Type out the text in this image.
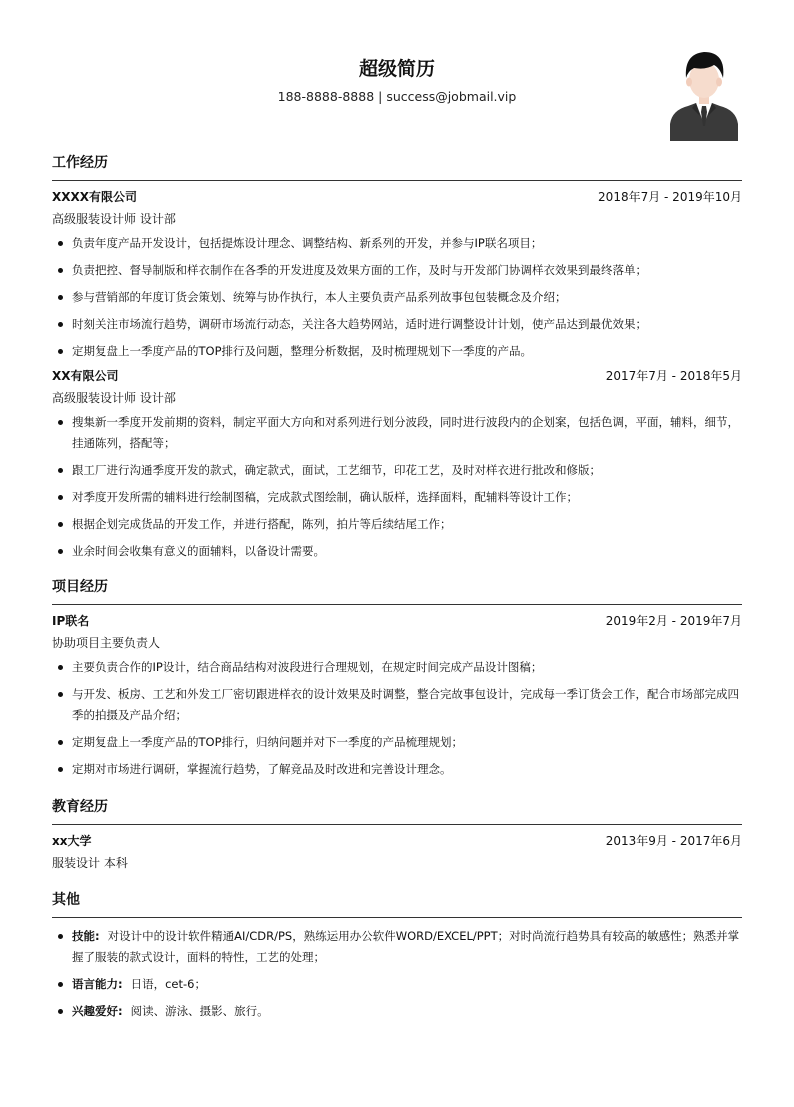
超级简历
188-8888-8888 | success@jobmail.vip
工作经历
XXXX有限公司	2018年7月 - 2019年10月
高级服装设计师 设计部
负责年度产品开发设计，包括提炼设计理念、调整结构、新系列的开发，并参与IP联名项目；
负责把控、督导制版和样衣制作在各季的开发进度及效果方面的工作，及时与开发部门协调样衣效果到最终落单；
参与营销部的年度订货会策划、统筹与协作执行，本人主要负责产品系列故事包包装概念及介绍；
时刻关注市场流行趋势，调研市场流行动态，关注各大趋势网站，适时进行调整设计计划，使产品达到最优效果；
定期复盘上一季度产品的TOP排行及问题，整理分析数据，及时梳理规划下一季度的产品。
XX有限公司	2017年7月 - 2018年5月
高级服装设计师 设计部
搜集新一季度开发前期的资料，制定平面大方向和对系列进行划分波段，同时进行波段内的企划案，包括色调，平面，辅料，细节，挂通陈列，搭配等；
跟工厂进行沟通季度开发的款式，确定款式，面试，工艺细节，印花工艺，及时对样衣进行批改和修版；
对季度开发所需的辅料进行绘制图稿，完成款式图绘制，确认版样，选择面料，配辅料等设计工作；
根据企划完成货品的开发工作，并进行搭配，陈列，拍片等后续结尾工作；
业余时间会收集有意义的面辅料，以备设计需要。
项目经历
IP联名	2019年2月 - 2019年7月
协助项目主要负责人
主要负责合作的IP设计，结合商品结构对波段进行合理规划，在规定时间完成产品设计图稿；
与开发、板房、工艺和外发工厂密切跟进样衣的设计效果及时调整，整合完故事包设计，完成每一季订货会工作，配合市场部完成四季的拍摄及产品介绍；
定期复盘上一季度产品的TOP排行，归纳问题并对下一季度的产品梳理规划；
定期对市场进行调研，掌握流行趋势，了解竞品及时改进和完善设计理念。
教育经历
xx大学	2013年9月 - 2017年6月
服装设计 本科
其他
技能: 对设计中的设计软件精通AI/CDR/PS，熟练运用办公软件WORD/EXCEL/PPT；对时尚流行趋势具有较高的敏感性；熟悉并掌握了服装的款式设计，面料的特性，工艺的处理；
语言能力: 日语，cet-6；
兴趣爱好: 阅读、游泳、摄影、旅行。
